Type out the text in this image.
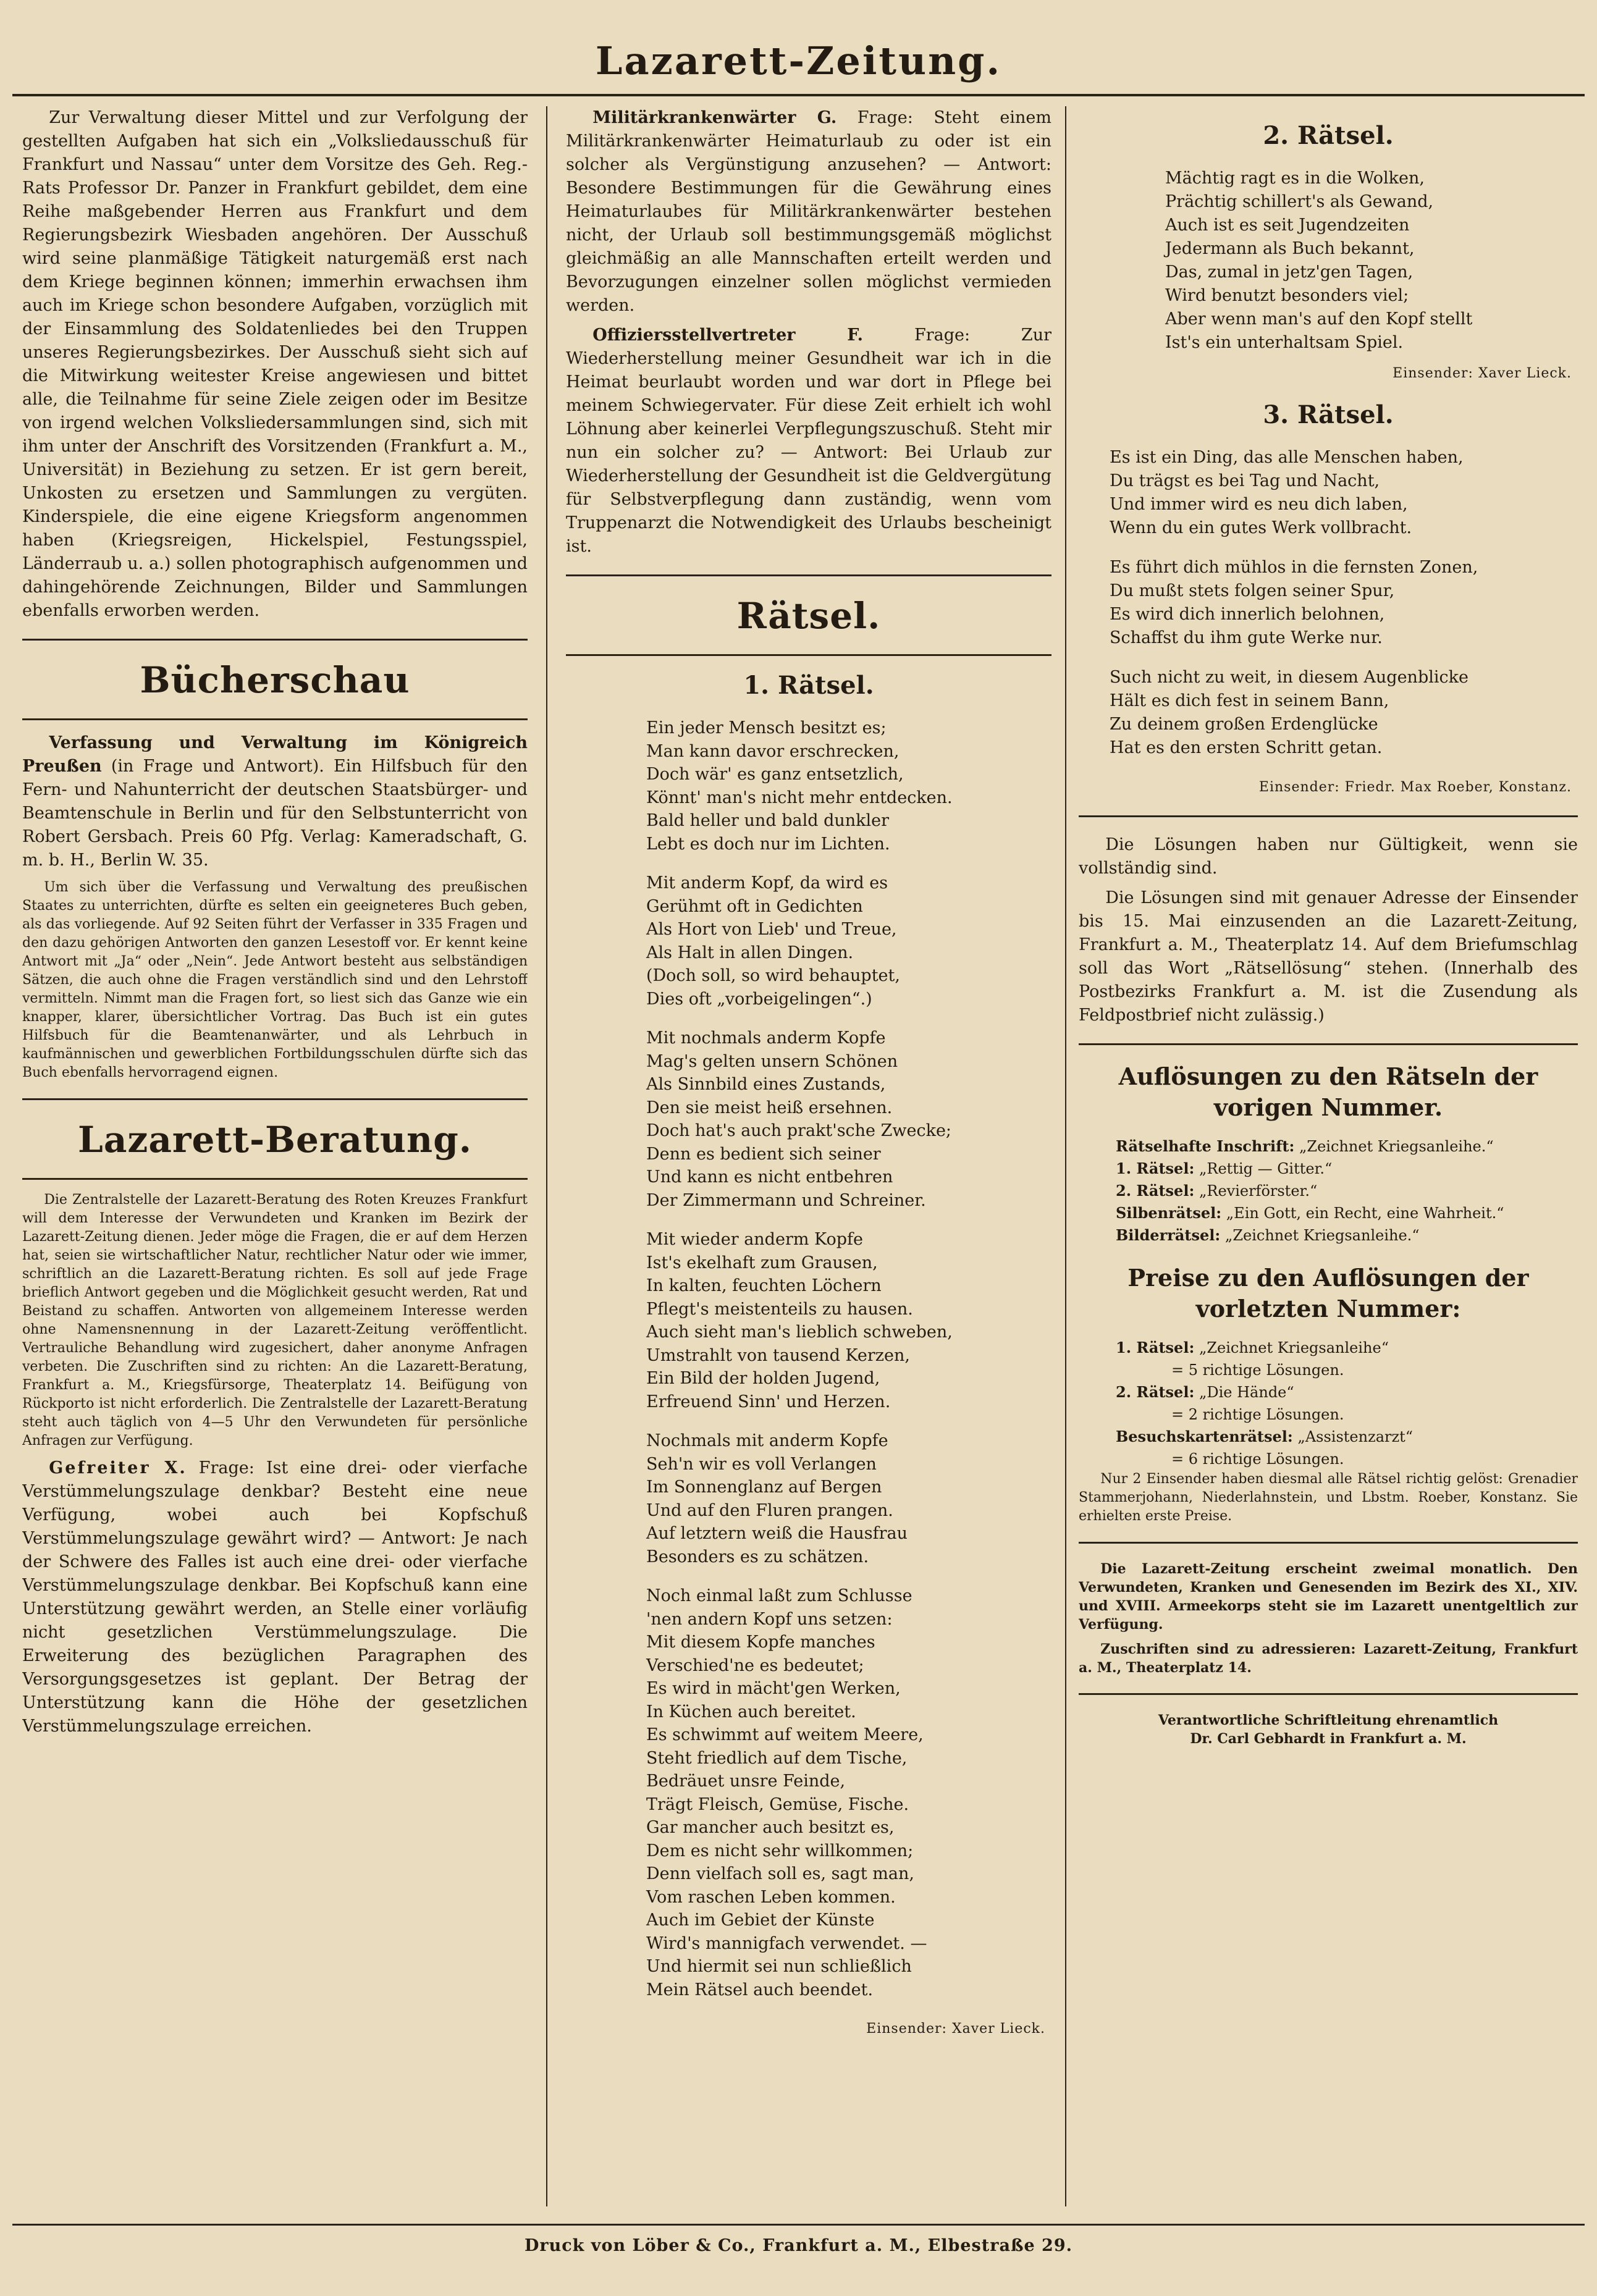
Lazarett-Zeitung.

Zur Verwaltung dieser Mittel und zur Verfolgung der gestellten Aufgaben hat sich ein „Volksliedausschuß für Frankfurt und Nassau“ unter dem Vorsitze des Geh. Reg.-Rats Professor Dr. Panzer in Frankfurt gebildet, dem eine Reihe maßgebender Herren aus Frankfurt und dem Regierungsbezirk Wiesbaden angehören. Der Ausschuß wird seine planmäßige Tätigkeit naturgemäß erst nach dem Kriege beginnen können; immerhin erwachsen ihm auch im Kriege schon besondere Aufgaben, vorzüglich mit der Einsammlung des Soldatenliedes bei den Truppen unseres Regierungsbezirkes. Der Ausschuß sieht sich auf die Mitwirkung weitester Kreise angewiesen und bittet alle, die Teilnahme für seine Ziele zeigen oder im Besitze von irgend welchen Volksliedersammlungen sind, sich mit ihm unter der Anschrift des Vorsitzenden (Frankfurt a. M., Universität) in Beziehung zu setzen. Er ist gern bereit, Unkosten zu ersetzen und Sammlungen zu vergüten. Kinderspiele, die eine eigene Kriegsform angenommen haben (Kriegsreigen, Hickelspiel, Festungsspiel, Länderraub u. a.) sollen photographisch aufgenommen und dahingehörende Zeichnungen, Bilder und Sammlungen ebenfalls erworben werden.

Bücherschau

Verfassung und Verwaltung im Königreich Preußen (in Frage und Antwort). Ein Hilfsbuch für den Fern- und Nahunterricht der deutschen Staatsbürger- und Beamtenschule in Berlin und für den Selbstunterricht von Robert Gersbach. Preis 60 Pfg. Verlag: Kameradschaft, G. m. b. H., Berlin W. 35.

Um sich über die Verfassung und Verwaltung des preußischen Staates zu unterrichten, dürfte es selten ein geeigneteres Buch geben, als das vorliegende. Auf 92 Seiten führt der Verfasser in 335 Fragen und den dazu gehörigen Antworten den ganzen Lesestoff vor. Er kennt keine Antwort mit „Ja“ oder „Nein“. Jede Antwort besteht aus selbständigen Sätzen, die auch ohne die Fragen verständlich sind und den Lehrstoff vermitteln. Nimmt man die Fragen fort, so liest sich das Ganze wie ein knapper, klarer, übersichtlicher Vortrag. Das Buch ist ein gutes Hilfsbuch für die Beamtenanwärter, und als Lehrbuch in kaufmännischen und gewerblichen Fortbildungsschulen dürfte sich das Buch ebenfalls hervorragend eignen.

Lazarett-Beratung.

Die Zentralstelle der Lazarett-Beratung des Roten Kreuzes Frankfurt will dem Interesse der Verwundeten und Kranken im Bezirk der Lazarett-Zeitung dienen. Jeder möge die Fragen, die er auf dem Herzen hat, seien sie wirtschaftlicher Natur, rechtlicher Natur oder wie immer, schriftlich an die Lazarett-Beratung richten. Es soll auf jede Frage brieflich Antwort gegeben und die Möglichkeit gesucht werden, Rat und Beistand zu schaffen. Antworten von allgemeinem Interesse werden ohne Namensnennung in der Lazarett-Zeitung veröffentlicht. Vertrauliche Behandlung wird zugesichert, daher anonyme Anfragen verbeten. Die Zuschriften sind zu richten: An die Lazarett-Beratung, Frankfurt a. M., Kriegsfürsorge, Theaterplatz 14. Beifügung von Rückporto ist nicht erforderlich. Die Zentralstelle der Lazarett-Beratung steht auch täglich von 4—5 Uhr den Verwundeten für persönliche Anfragen zur Verfügung.

Gefreiter X. Frage: Ist eine drei- oder vierfache Verstümmelungszulage denkbar? Besteht eine neue Verfügung, wobei auch bei Kopfschuß Verstümmelungszulage gewährt wird? — Antwort: Je nach der Schwere des Falles ist auch eine drei- oder vierfache Verstümmelungszulage denkbar. Bei Kopfschuß kann eine Unterstützung gewährt werden, an Stelle einer vorläufig nicht gesetzlichen Verstümmelungszulage. Die Erweiterung des bezüglichen Paragraphen des Versorgungsgesetzes ist geplant. Der Betrag der Unterstützung kann die Höhe der gesetzlichen Verstümmelungszulage erreichen.

Militärkrankenwärter G. Frage: Steht einem Militärkrankenwärter Heimaturlaub zu oder ist ein solcher als Vergünstigung anzusehen? — Antwort: Besondere Bestimmungen für die Gewährung eines Heimaturlaubes für Militärkrankenwärter bestehen nicht, der Urlaub soll bestimmungsgemäß möglichst gleichmäßig an alle Mannschaften erteilt werden und Bevorzugungen einzelner sollen möglichst vermieden werden.

Offiziersstellvertreter F. Frage: Zur Wiederherstellung meiner Gesundheit war ich in die Heimat beurlaubt worden und war dort in Pflege bei meinem Schwiegervater. Für diese Zeit erhielt ich wohl Löhnung aber keinerlei Verpflegungszuschuß. Steht mir nun ein solcher zu? — Antwort: Bei Urlaub zur Wiederherstellung der Gesundheit ist die Geldvergütung für Selbstverpflegung dann zuständig, wenn vom Truppenarzt die Notwendigkeit des Urlaubs bescheinigt ist.

Rätsel.
1. Rätsel.
Ein jeder Mensch besitzt es;
Man kann davor erschrecken,
Doch wär' es ganz entsetzlich,
Könnt' man's nicht mehr entdecken.
Bald heller und bald dunkler
Lebt es doch nur im Lichten.
Mit anderm Kopf, da wird es
Gerühmt oft in Gedichten
Als Hort von Lieb' und Treue,
Als Halt in allen Dingen.
(Doch soll, so wird behauptet,
Dies oft „vorbeigelingen“.)
Mit nochmals anderm Kopfe
Mag's gelten unsern Schönen
Als Sinnbild eines Zustands,
Den sie meist heiß ersehnen.
Doch hat's auch prakt'sche Zwecke;
Denn es bedient sich seiner
Und kann es nicht entbehren
Der Zimmermann und Schreiner.
Mit wieder anderm Kopfe
Ist's ekelhaft zum Grausen,
In kalten, feuchten Löchern
Pflegt's meistenteils zu hausen.
Auch sieht man's lieblich schweben,
Umstrahlt von tausend Kerzen,
Ein Bild der holden Jugend,
Erfreuend Sinn' und Herzen.
Nochmals mit anderm Kopfe
Seh'n wir es voll Verlangen
Im Sonnenglanz auf Bergen
Und auf den Fluren prangen.
Auf letztern weiß die Hausfrau
Besonders es zu schätzen.
Noch einmal laßt zum Schlusse
'nen andern Kopf uns setzen:
Mit diesem Kopfe manches
Verschied'ne es bedeutet;
Es wird in mächt'gen Werken,
In Küchen auch bereitet.
Es schwimmt auf weitem Meere,
Steht friedlich auf dem Tische,
Bedräuet unsre Feinde,
Trägt Fleisch, Gemüse, Fische.
Gar mancher auch besitzt es,
Dem es nicht sehr willkommen;
Denn vielfach soll es, sagt man,
Vom raschen Leben kommen.
Auch im Gebiet der Künste
Wird's mannigfach verwendet. —
Und hiermit sei nun schließlich
Mein Rätsel auch beendet.
Einsender: Xaver Lieck.
2. Rätsel.
Mächtig ragt es in die Wolken,
Prächtig schillert's als Gewand,
Auch ist es seit Jugendzeiten
Jedermann als Buch bekannt,
Das, zumal in jetz'gen Tagen,
Wird benutzt besonders viel;
Aber wenn man's auf den Kopf stellt
Ist's ein unterhaltsam Spiel.
Einsender: Xaver Lieck.
3. Rätsel.
Es ist ein Ding, das alle Menschen haben,
Du trägst es bei Tag und Nacht,
Und immer wird es neu dich laben,
Wenn du ein gutes Werk vollbracht.
Es führt dich mühlos in die fernsten Zonen,
Du mußt stets folgen seiner Spur,
Es wird dich innerlich belohnen,
Schaffst du ihm gute Werke nur.
Such nicht zu weit, in diesem Augenblicke
Hält es dich fest in seinem Bann,
Zu deinem großen Erdenglücke
Hat es den ersten Schritt getan.
Einsender: Friedr. Max Roeber, Konstanz.

Die Lösungen haben nur Gültigkeit, wenn sie vollständig sind.

Die Lösungen sind mit genauer Adresse der Einsender bis 15. Mai einzusenden an die Lazarett-Zeitung, Frankfurt a. M., Theaterplatz 14. Auf dem Briefumschlag soll das Wort „Rätsellösung“ stehen. (Innerhalb des Postbezirks Frankfurt a. M. ist die Zusendung als Feldpostbrief nicht zulässig.)

Auflösungen zu den Rätseln der vorigen Nummer.
Rätselhafte Inschrift: „Zeichnet Kriegsanleihe.“
1. Rätsel: „Rettig — Gitter.“
2. Rätsel: „Revierförster.“
Silbenrätsel: „Ein Gott, ein Recht, eine Wahrheit.“
Bilderrätsel: „Zeichnet Kriegsanleihe.“
Preise zu den Auflösungen der vorletzten Nummer:
1. Rätsel: „Zeichnet Kriegsanleihe“
= 5 richtige Lösungen.
2. Rätsel: „Die Hände“
= 2 richtige Lösungen.
Besuchskartenrätsel: „Assistenzarzt“
= 6 richtige Lösungen.

Nur 2 Einsender haben diesmal alle Rätsel richtig gelöst: Grenadier Stammerjohann, Niederlahnstein, und Lbstm. Roeber, Konstanz. Sie erhielten erste Preise.

Die Lazarett-Zeitung erscheint zweimal monatlich. Den Verwundeten, Kranken und Genesenden im Bezirk des XI., XIV. und XVIII. Armeekorps steht sie im Lazarett unentgeltlich zur Verfügung.

Zuschriften sind zu adressieren: Lazarett-Zeitung, Frankfurt a. M., Theaterplatz 14.

Verantwortliche Schriftleitung ehrenamtlich
Dr. Carl Gebhardt in Frankfurt a. M.
Druck von Löber & Co., Frankfurt a. M., Elbestraße 29.
